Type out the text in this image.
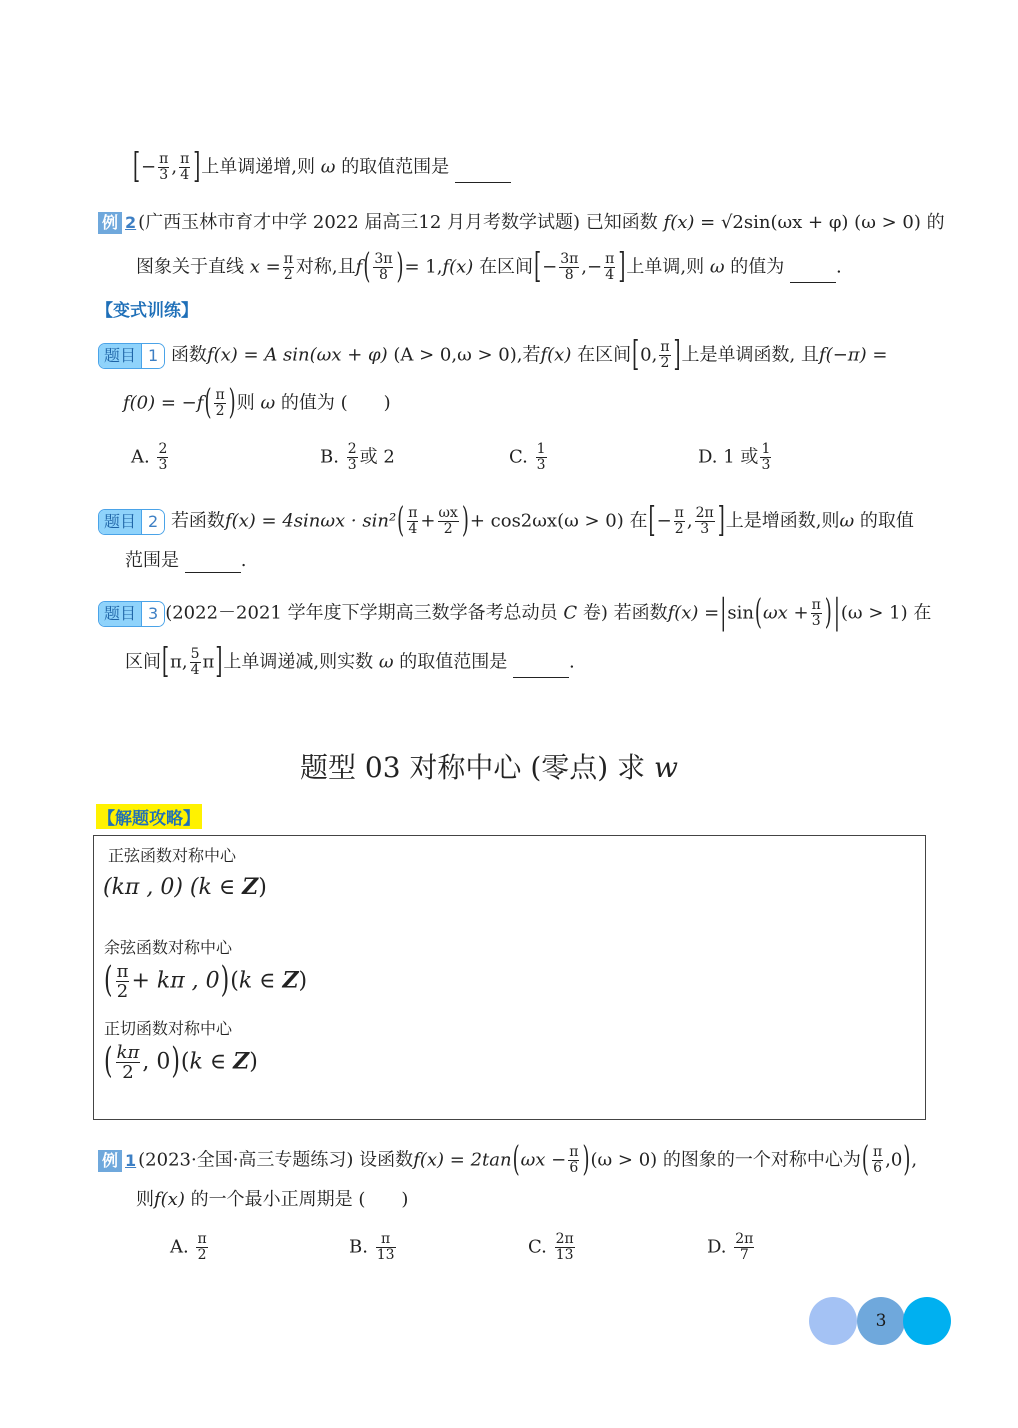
[− $\frac{\pi}{3}$ , $\frac{\pi}{4}$ ]上单调递增,则 ω 的取值范围是
例 2 (广西玉林市育才中学 2022 届高三12 月月考数学试题) 已知函数 f(x) = √2sin(ωx + φ) (ω > 0) 的
图象关于直线 $x = \frac{\pi}{2}$ 对称,且$f( \frac{3\pi}{8}$ )= 1,f(x) 在区间[− $\frac{3\pi}{8}$ ,− $\frac{\pi}{4}$ ]上单调,则 ω 的值为	.
【变式训练】
题目 1 函数f(x) = A sin(ωx + φ) (A > 0,ω > 0),若f(x) 在区间[0, $\frac{\pi}{2}$ ]上是单调函数, 且f(−π) =
$f(0) = -f( \frac{\pi}{2}$ )则 ω 的值为 (　　)
A. $\frac{2}{3}$	B. $\frac{2}{3}$ 或 2	C. $\frac{1}{3}$	D. 1 或 $\frac{1}{3}$
题目 2 若函数$f(x) = 4\sin\omega x \cdot \sin^2( \frac{\pi}{4} + \frac{\omega x}{2}$ )+ cos2ωx(ω > 0) 在[− $\frac{\pi}{2}$ , $\frac{2\pi}{3}$ ]上是增函数,则ω 的取值
范围是	.
题目 3 (2022－2021 学年度下学期高三数学备考总动员 C 卷) 若函数$f(x) =|\sin(\omega x + \frac{\pi}{3}$ ) |(ω > 1) 在
区间[π, $\frac{5}{4} \pi$]上单调递减,则实数 ω 的取值范围是	.
题型 03 对称中心 (零点) 求 w
【解题攻略】
正弦函数对称中心
(kπ , 0) (k ∈ Z)
余弦函数对称中心
( $\frac{\pi}{2} + k\pi$ , 0)(k ∈ Z)
正切函数对称中心
( $\frac{k\pi}{2}$ , 0)(k ∈ Z)
例 1 (2023·全国·高三专题练习) 设函数$f(x) = 2\tan(\omega x - \frac{\pi}{6} )(\omega > 0)$ 的图象的一个对称中心为( $\frac{\pi}{6} ,0$),
则f(x) 的一个最小正周期是 (　　)
A. $\frac{\pi}{2}$	B. $\frac{\pi}{13}$	C. $\frac{2\pi}{13}$	D. $\frac{2\pi}{7}$
3
